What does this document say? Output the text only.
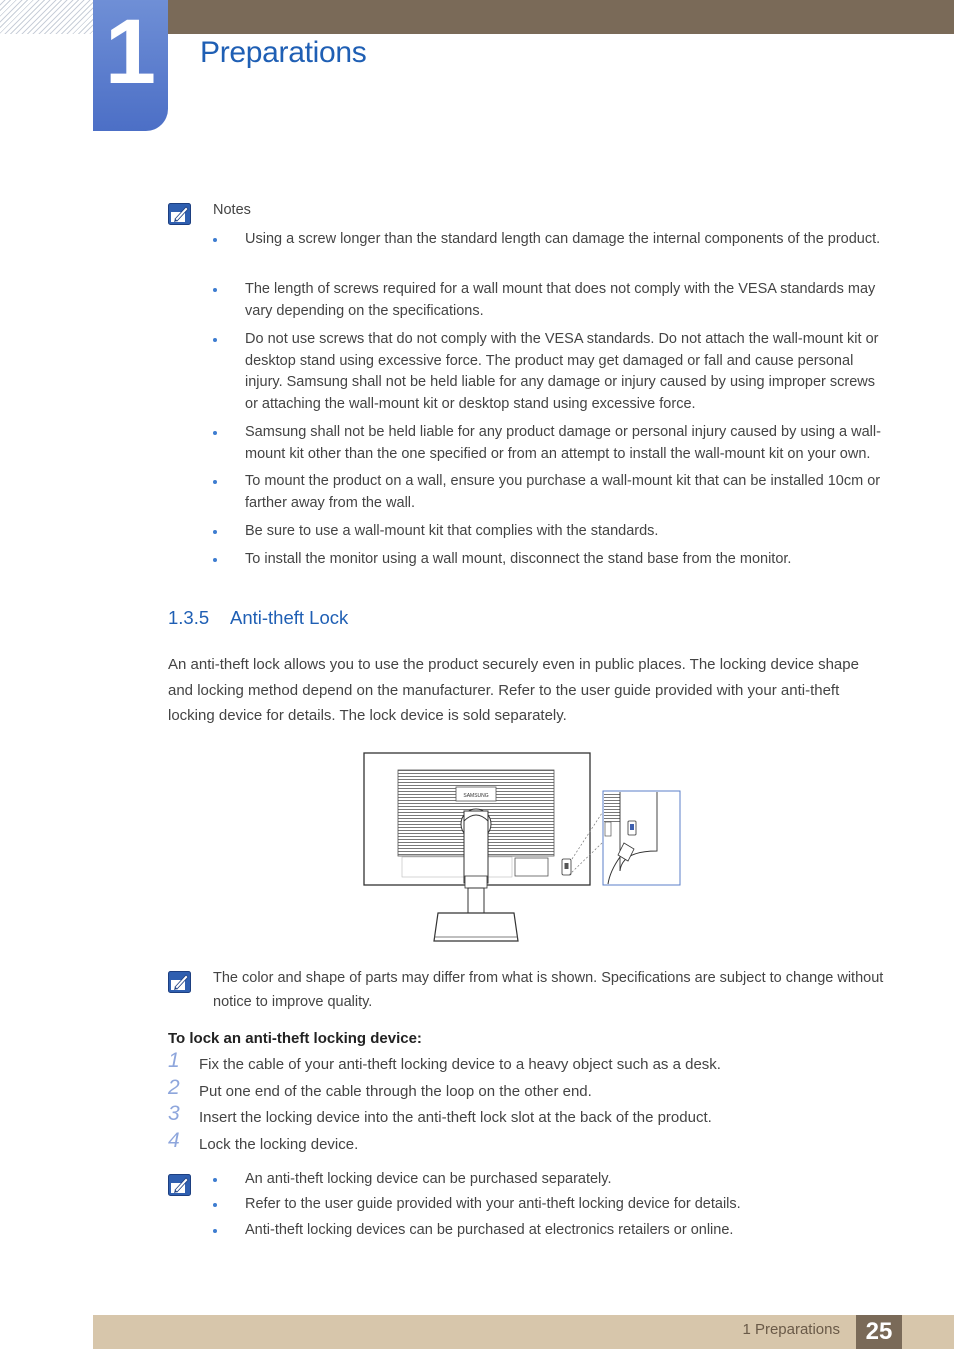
1	Preparations
Notes
Using a screw longer than the standard length can damage the internal components of the product.
The length of screws required for a wall mount that does not comply with the VESA standards may vary depending on the specifications.
Do not use screws that do not comply with the VESA standards. Do not attach the wall-mount kit or desktop stand using excessive force. The product may get damaged or fall and cause personal injury. Samsung shall not be held liable for any damage or injury caused by using improper screws or attaching the wall-mount kit or desktop stand using excessive force.
Samsung shall not be held liable for any product damage or personal injury caused by using a wall-mount kit other than the one specified or from an attempt to install the wall-mount kit on your own.
To mount the product on a wall, ensure you purchase a wall-mount kit that can be installed 10cm or farther away from the wall.
Be sure to use a wall-mount kit that complies with the standards.
To install the monitor using a wall mount, disconnect the stand base from the monitor.
1.3.5 Anti-theft Lock
An anti-theft lock allows you to use the product securely even in public places. The locking device shape and locking method depend on the manufacturer. Refer to the user guide provided with your anti-theft locking device for details. The lock device is sold separately.
SAMSUNG
The color and shape of parts may differ from what is shown. Specifications are subject to change without notice to improve quality.
To lock an anti-theft locking device:
1	Fix the cable of your anti-theft locking device to a heavy object such as a desk.
2	Put one end of the cable through the loop on the other end.
3	Insert the locking device into the anti-theft lock slot at the back of the product.
4	Lock the locking device.
An anti-theft locking device can be purchased separately.
Refer to the user guide provided with your anti-theft locking device for details.
Anti-theft locking devices can be purchased at electronics retailers or online.
1 Preparations	25
